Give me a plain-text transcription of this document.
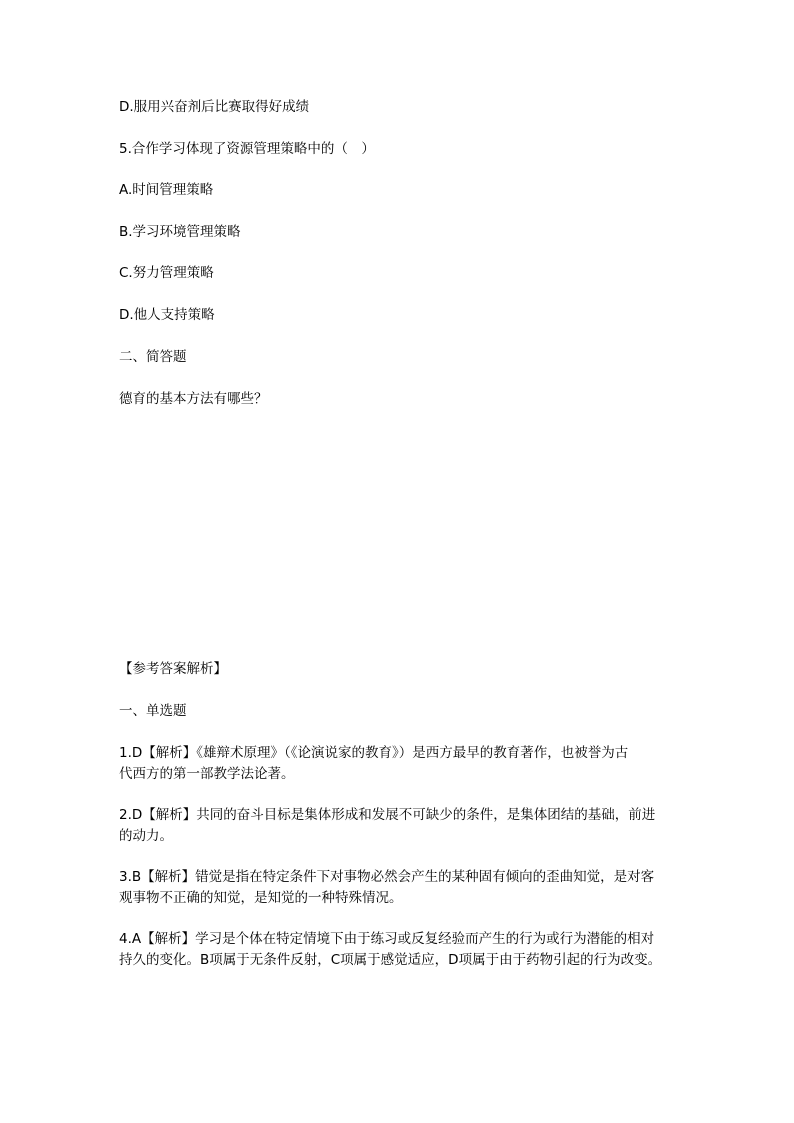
D.服用兴奋剂后比赛取得好成绩
5.合作学习体现了资源管理策略中的（　）
A.时间管理策略
B.学习环境管理策略
C.努力管理策略
D.他人支持策略
二、简答题
德育的基本方法有哪些？
【参考答案解析】
一、单选题
1.D【解析】《雄辩术原理》（《论演说家的教育》）是西方最早的教育著作，也被誉为古
代西方的第一部教学法论著。
2.D【解析】共同的奋斗目标是集体形成和发展不可缺少的条件，是集体团结的基础，前进
的动力。
3.B【解析】错觉是指在特定条件下对事物必然会产生的某种固有倾向的歪曲知觉，是对客
观事物不正确的知觉，是知觉的一种特殊情况。
4.A【解析】学习是个体在特定情境下由于练习或反复经验而产生的行为或行为潜能的相对
持久的变化。B项属于无条件反射，C项属于感觉适应，D项属于由于药物引起的行为改变。
